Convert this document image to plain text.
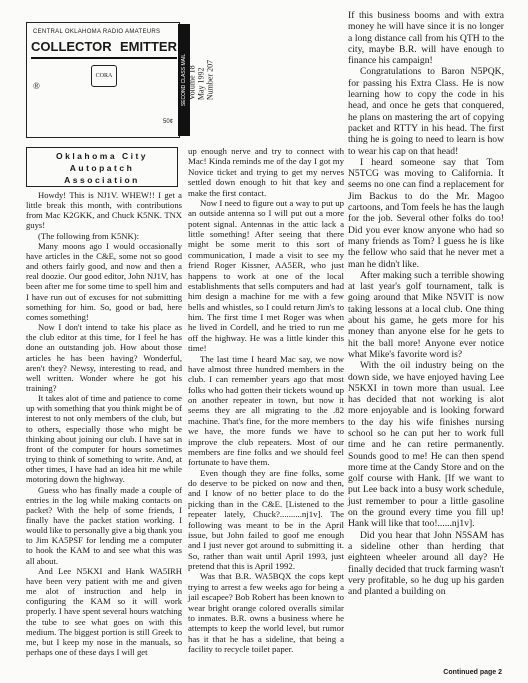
CENTRAL OKLAHOMA RADIO AMATEURS
COLLECTOR EMITTER
CORA
®
50¢
SECOND CLASS MAIL Volume 18 May 1992 Number 207
Oklahoma City
Autopatch
Association

Howdy! This is NJ1V. WHEW!! I get a little break this month, with contributions from Mac K2GKK, and Chuck K5NK. TNX guys!

(The following from K5NK):

Many moons ago I would occasionally have articles in the C&E, some not so good and others fairly good, and now and then a real doozie. Our good editor, John NJ1V, has been after me for some time to spell him and I have run out of excuses for not submitting something for him. So, good or bad, here comes something!

Now I don't intend to take his place as the club editor at this time, for I feel he has done an outstanding job. How about those articles he has been having? Wonderful, aren't they? Newsy, interesting to read, and well written. Wonder where he got his training?

It takes alot of time and patience to come up with something that you think might be of interest to not only members of the club, but to others, especially those who might be thinking about joining our club. I have sat in front of the computer for hours sometimes trying to think of something to write. And, at other times, I have had an idea hit me while motoring down the highway.

Guess who has finally made a couple of entries in the log while making contacts on packet? With the help of some friends, I finally have the packet station working. I would like to personally give a big thank you to Jim KA5PSF for lending me a computer to hook the KAM to and see what this was all about.

And Lee N5KXI and Hank WA5IRH have been very patient with me and given me alot of instruction and help in configuring the KAM so it will work properly. I have spent several hours watching the tube to see what goes on with this medium. The biggest portion is still Greek to me, but I keep my nose in the manuals, so perhaps one of these days I will get

up enough nerve and try to connect with Mac! Kinda reminds me of the day I got my Novice ticket and trying to get my nerves settled down enough to hit that key and make the first contact.

Now I need to figure out a way to put up an outside antenna so I will put out a more potent signal. Antennas in the attic lack a little something! After seeing that there might be some merit to this sort of communication, I made a visit to see my friend Roger Kissner, AA5ER, who just happens to work at one of the local establishments that sells computers and had him design a machine for me with a few bells and whistles, so I could return Jim's to him. The first time I met Roger was when he lived in Cordell, and he tried to run me off the highway. He was a little kinder this time!

The last time I heard Mac say, we now have almost three hundred members in the club. I can remember years ago that most folks who had gotten their tickets wound up on another repeater in town, but now it seems they are all migrating to the .82 machine. That's fine, for the more members we have, the more funds we have to improve the club repeaters. Most of our members are fine folks and we should feel fortunate to have them.

Even though they are fine folks, some do deserve to be picked on now and then, and I know of no better place to do the picking than in the C&E. [Listened to the repeater lately, Chuck?..........nj1v]. The following was meant to be in the April issue, but John failed to goof me enough and I just never got around to submitting it. So, rather than wait until April 1993, just pretend that this is April 1992.

Was that B.R. WA5BQX the cops kept trying to arrest a few weeks ago for being a jail escapee? Bob Robert has been known to wear bright orange colored overalls similar to inmates. B.R. owns a business where he attempts to keep the world level, but rumor has it that he has a sideline, that being a facility to recycle toilet paper.

If this business booms and with extra money he will have since it is no longer a long distance call from his QTH to the city, maybe B.R. will have enough to finance his campaign!

Congratulations to Baron N5PQK, for passing his Extra Class. He is now learning how to copy the code in his head, and once he gets that conquered, he plans on mastering the art of copying packet and RTTY in his head. The first thing he is going to need to learn is how to wear his cap on that head!

I heard someone say that Tom N5TCG was moving to California. It seems no one can find a replacement for Jim Backus to do the Mr. Magoo cartoons, and Tom feels he has the laugh for the job. Several other folks do too! Did you ever know anyone who had so many friends as Tom? I guess he is like the fellow who said that he never met a man he didn't like.

After making such a terrible showing at last year's golf tournament, talk is going around that Mike N5VIT is now taking lessons at a local club. One thing about his game, he gets more for his money than anyone else for he gets to hit the ball more! Anyone ever notice what Mike's favorite word is?

With the oil industry being on the down side, we have enjoyed having Lee N5KXI in town more than usual. Lee has decided that not working is alot more enjoyable and is looking forward to the day his wife finishes nursing school so he can put her to work full time and he can retire permanently. Sounds good to me! He can then spend more time at the Candy Store and on the golf course with Hank. [If we want to put Lee back into a busy work schedule, just remember to pour a little gasoline on the ground every time you fill up! Hank will like that too!......nj1v].

Did you hear that John N5SAM has a sideline other than herding that eighteen wheeler around all day? He finally decided that truck farming wasn't very profitable, so he dug up his garden and planted a building on

Continued page 2
